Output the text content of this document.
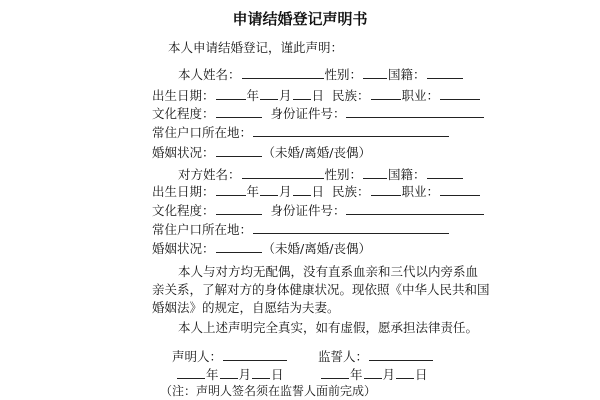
申请结婚登记声明书
本人申请结婚登记，谨此声明：
本人姓名：	性别： 国籍：
出生日期：	年 月 日 民族：	职业：
文化程度：	身份证件号：
常住户口所在地：
婚姻状况：	（未婚/离婚/丧偶）
对方姓名：	性别： 国籍：
出生日期：	年 月 日 民族：	职业：
文化程度：	身份证件号：
常住户口所在地：
婚姻状况：	（未婚/离婚/丧偶）
本人与对方均无配偶，没有直系血亲和三代以内旁系血
亲关系，了解对方的身体健康状况。现依照《中华人民共和国
婚姻法》的规定，自愿结为夫妻。
本人上述声明完全真实，如有虚假，愿承担法律责任。
声明人：	监誓人：
年 月 日	年 月 日
（注：声明人签名须在监誓人面前完成）
